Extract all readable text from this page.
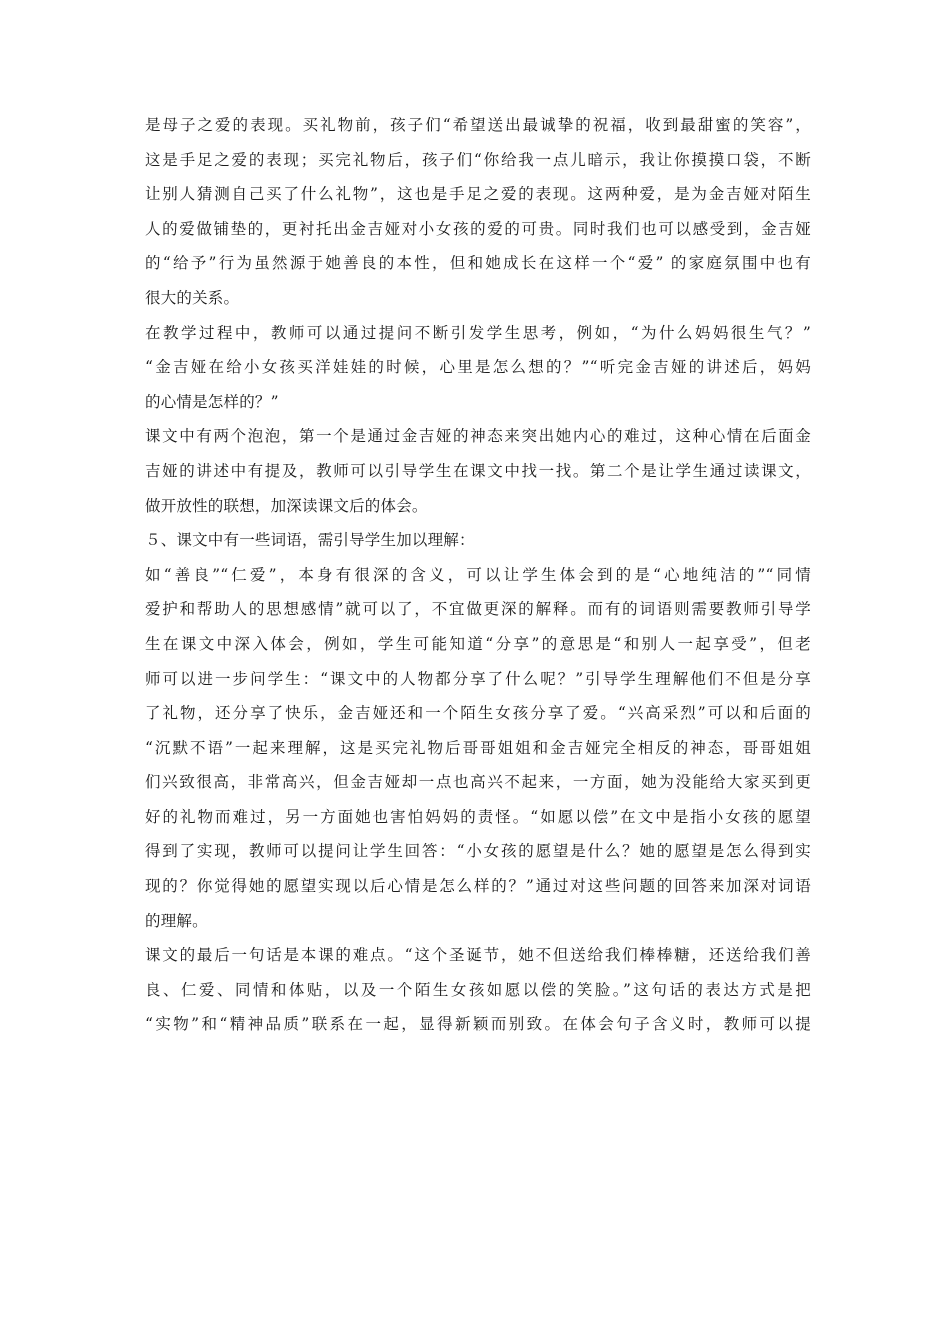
是母子之爱的表现。买礼物前，孩子们“希望送出最诚挚的祝福，收到最甜蜜的笑容”，
这是手足之爱的表现；买完礼物后，孩子们“你给我一点儿暗示，我让你摸摸口袋，不断
让别人猜测自己买了什么礼物”，这也是手足之爱的表现。这两种爱，是为金吉娅对陌生
人的爱做铺垫的，更衬托出金吉娅对小女孩的爱的可贵。同时我们也可以感受到，金吉娅
的“给予”行为虽然源于她善良的本性，但和她成长在这样一个“爱” 的家庭氛围中也有
很大的关系。
在教学过程中，教师可以通过提问不断引发学生思考，例如，“为什么妈妈很生气？”
“金吉娅在给小女孩买洋娃娃的时候，心里是怎么想的？”“听完金吉娅的讲述后，妈妈
的心情是怎样的？”
课文中有两个泡泡，第一个是通过金吉娅的神态来突出她内心的难过，这种心情在后面金
吉娅的讲述中有提及，教师可以引导学生在课文中找一找。第二个是让学生通过读课文，
做开放性的联想，加深读课文后的体会。
５、课文中有一些词语，需引导学生加以理解：
如“善良”“仁爱”，本身有很深的含义，可以让学生体会到的是“心地纯洁的”“同情
爱护和帮助人的思想感情”就可以了，不宜做更深的解释。而有的词语则需要教师引导学
生在课文中深入体会，例如，学生可能知道“分享”的意思是“和别人一起享受”，但老
师可以进一步问学生：“课文中的人物都分享了什么呢？”引导学生理解他们不但是分享
了礼物，还分享了快乐，金吉娅还和一个陌生女孩分享了爱。“兴高采烈”可以和后面的
“沉默不语”一起来理解，这是买完礼物后哥哥姐姐和金吉娅完全相反的神态，哥哥姐姐
们兴致很高，非常高兴，但金吉娅却一点也高兴不起来，一方面，她为没能给大家买到更
好的礼物而难过，另一方面她也害怕妈妈的责怪。“如愿以偿”在文中是指小女孩的愿望
得到了实现，教师可以提问让学生回答：“小女孩的愿望是什么？她的愿望是怎么得到实
现的？你觉得她的愿望实现以后心情是怎么样的？”通过对这些问题的回答来加深对词语
的理解。
课文的最后一句话是本课的难点。“这个圣诞节，她不但送给我们棒棒糖，还送给我们善
良、仁爱、同情和体贴，以及一个陌生女孩如愿以偿的笑脸。”这句话的表达方式是把
“实物”和“精神品质”联系在一起，显得新颖而别致。在体会句子含义时，教师可以提
